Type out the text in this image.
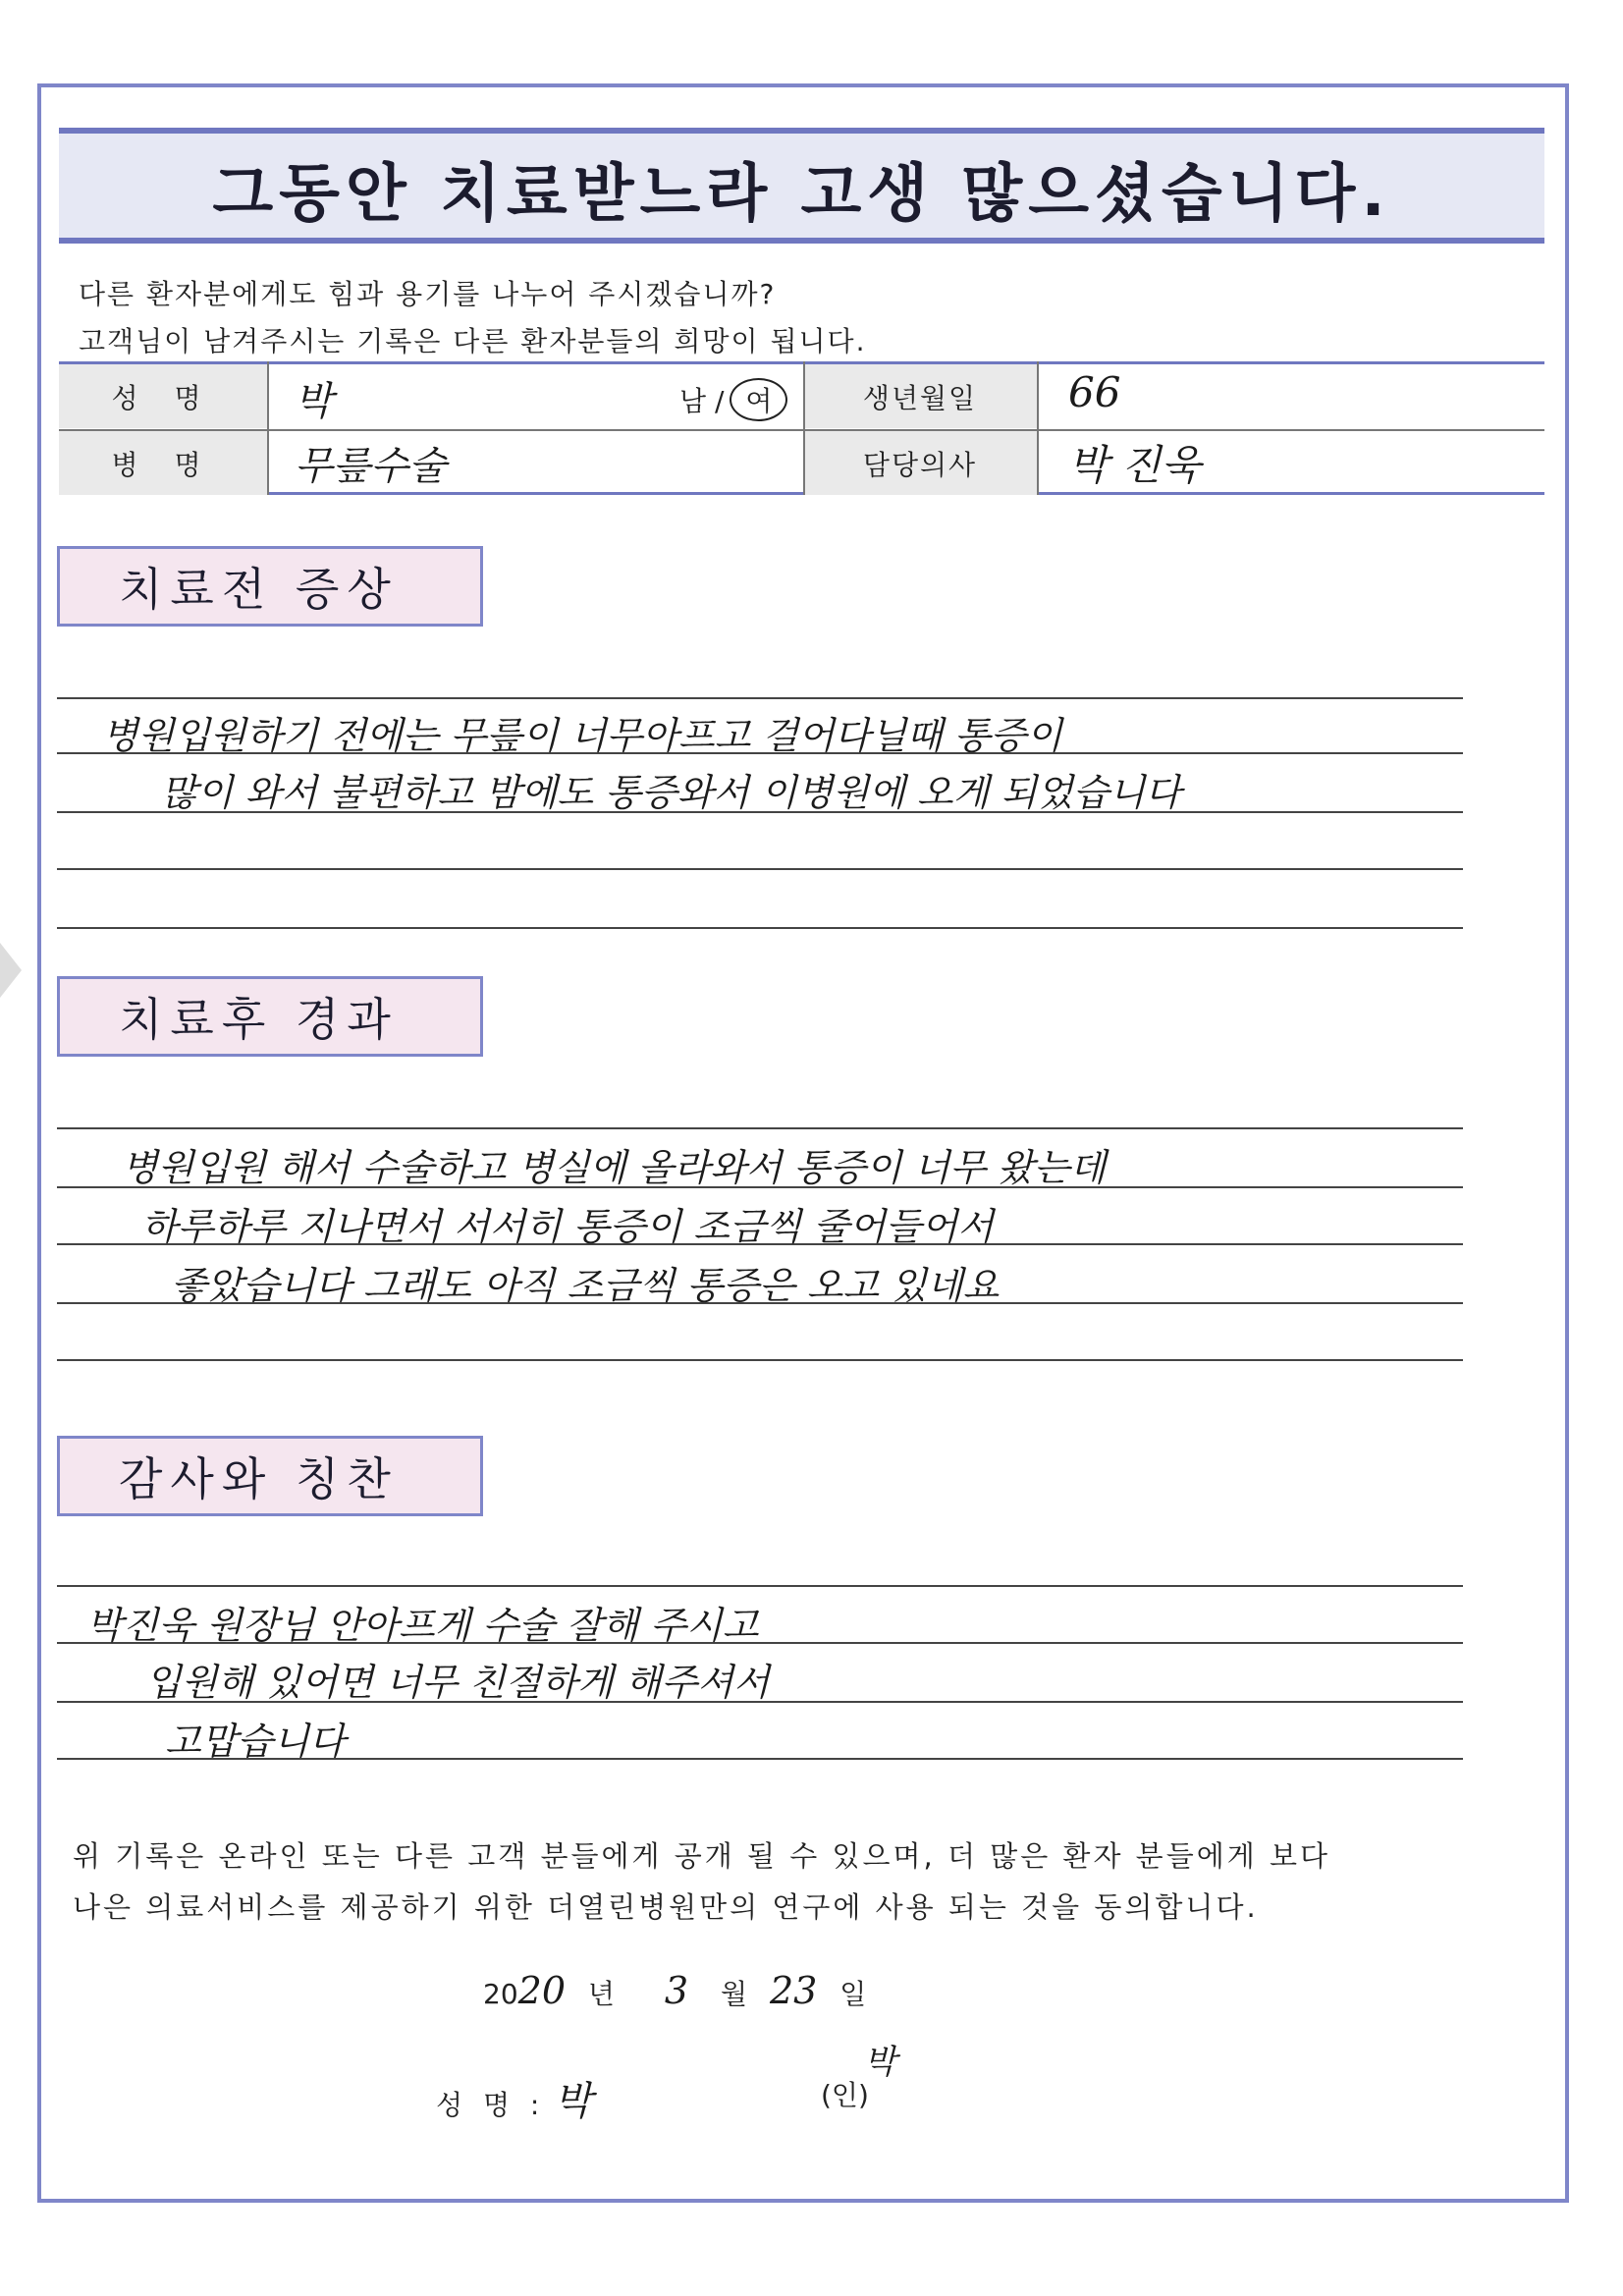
그동안 치료받느라 고생 많으셨습니다.
다른 환자분에게도 힘과 용기를 나누어 주시겠습니까?
고객님이 남겨주시는 기록은 다른 환자분들의 희망이 됩니다.
성 명	박	남 / 여	생년월일	66
병 명	무릎수술	담당의사	박 진욱
치료전 증상
병원입원하기 전에는 무릎이 너무아프고 걸어다닐때 통증이
많이 와서 불편하고 밤에도 통증와서 이병원에 오게 되었습니다
치료후 경과
병원입원 해서 수술하고 병실에 올라와서 통증이 너무 왔는데
하루하루 지나면서 서서히 통증이 조금씩 줄어들어서
좋았습니다 그래도 아직 조금씩 통증은 오고 있네요
감사와 칭찬
박진욱 원장님 안아프게 수술 잘해 주시고
입원해 있어면 너무 친절하게 해주셔서
고맙습니다
위 기록은 온라인 또는 다른 고객 분들에게 공개 될 수 있으며, 더 많은 환자 분들에게 보다
나은 의료서비스를 제공하기 위한 더열린병원만의 연구에 사용 되는 것을 동의합니다.
2020 년 3 월 23 일
성 명 : 박	(인)
박
